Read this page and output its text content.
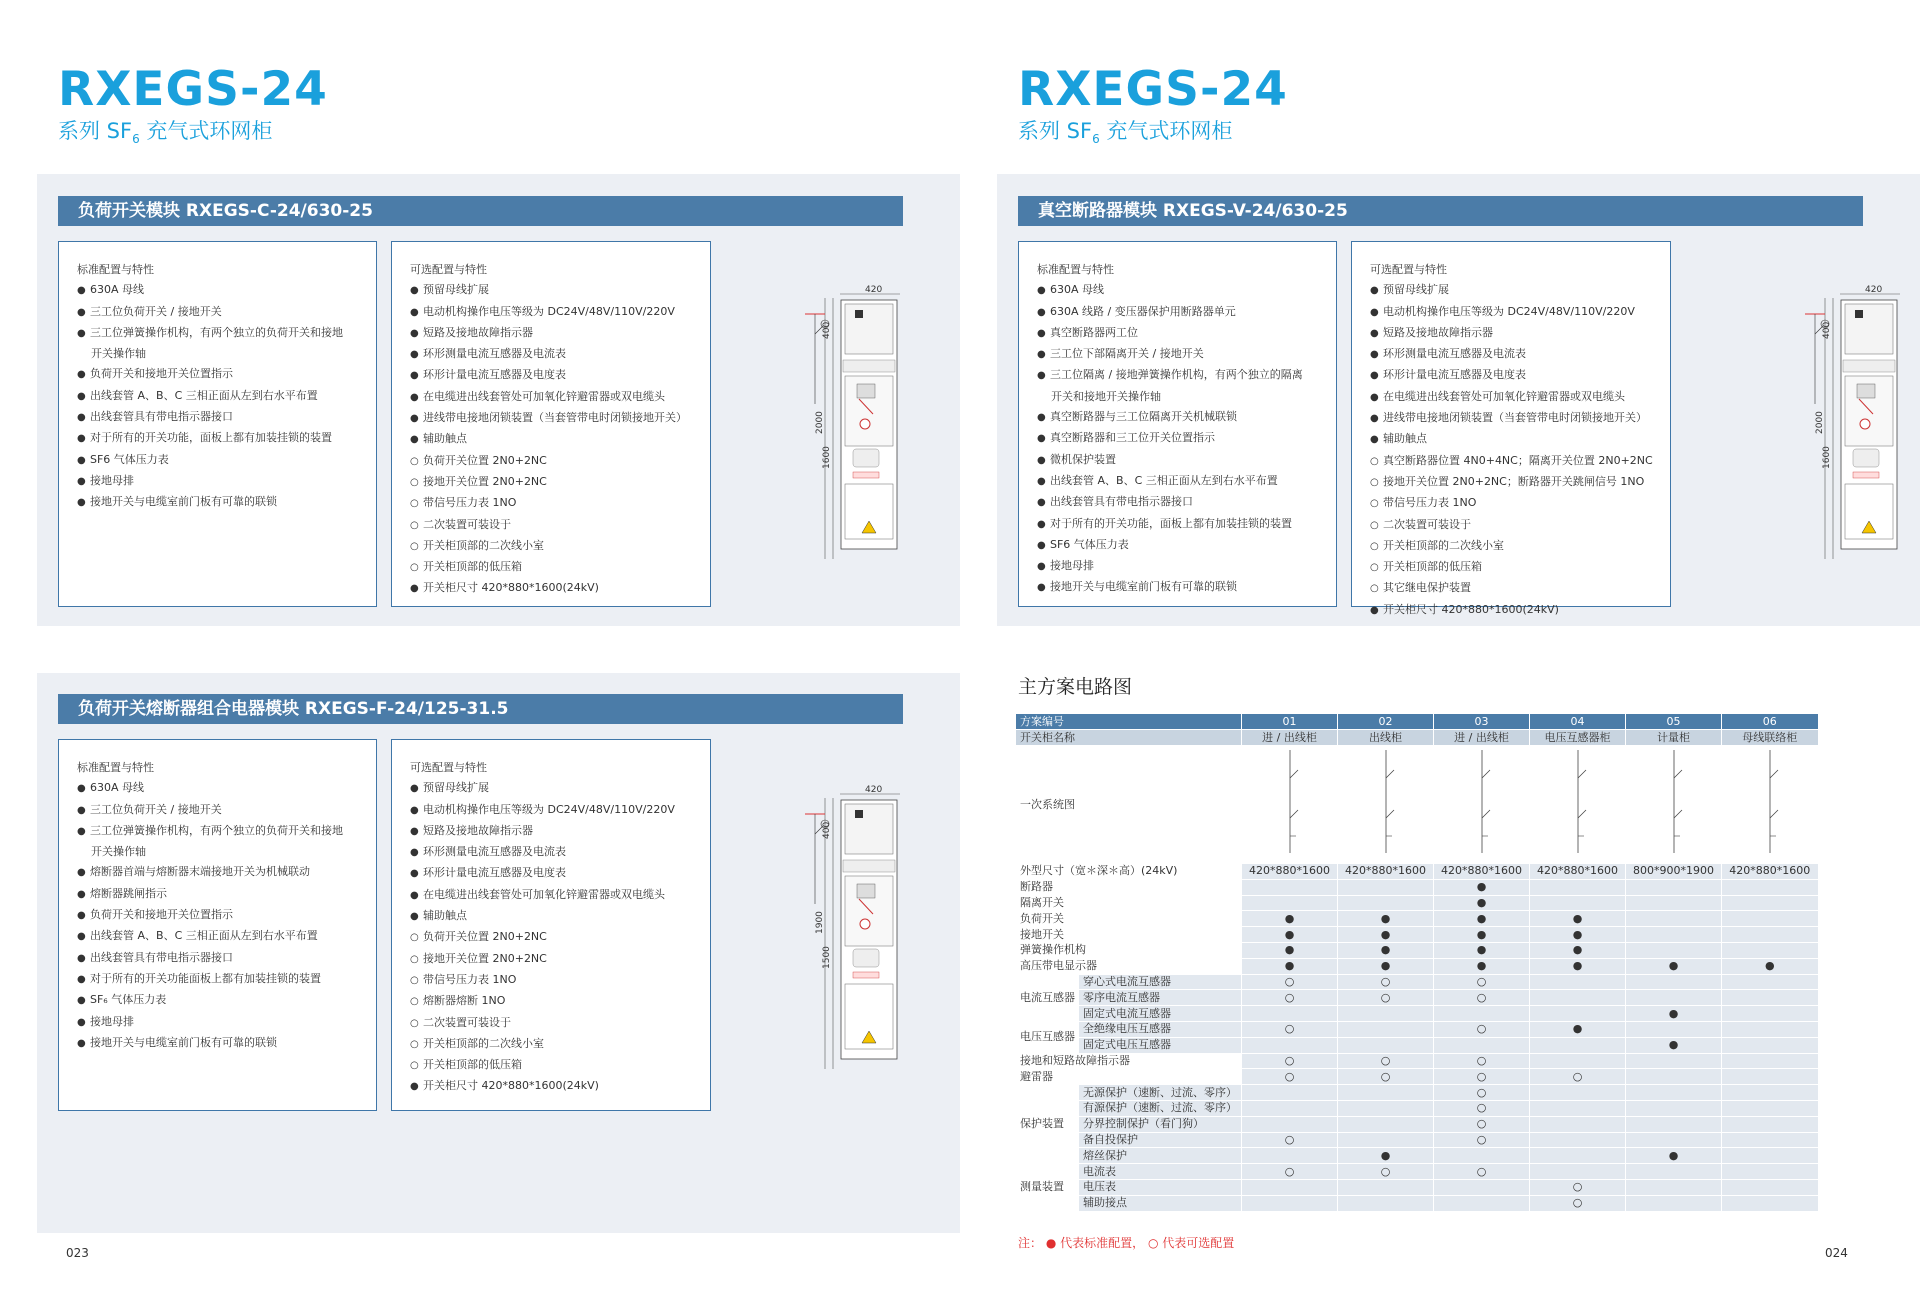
RXEGS-24
系列 $SF_6$ 充气式环网柜
负荷开关模块 RXEGS-C-24/630-25
标准配置与特性
● 630A 母线
● 三工位负荷开关 / 接地开关
● 三工位弹簧操作机构，有两个独立的负荷开关和接地
开关操作轴
● 负荷开关和接地开关位置指示
● 出线套管 A、B、C 三相正面从左到右水平布置
● 出线套管具有带电指示器接口
● 对于所有的开关功能，面板上都有加装挂锁的装置
● SF6 气体压力表
● 接地母排
● 接地开关与电缆室前门板有可靠的联锁
可选配置与特性
● 预留母线扩展
● 电动机构操作电压等级为 DC24V/48V/110V/220V
● 短路及接地故障指示器
● 环形测量电流互感器及电流表
● 环形计量电流互感器及电度表
● 在电缆进出线套管处可加氧化锌避雷器或双电缆头
● 进线带电接地闭锁装置（当套管带电时闭锁接地开关）
● 辅助触点
○ 负荷开关位置 2N0+2NC
○ 接地开关位置 2N0+2NC
○ 带信号压力表 1NO
○ 二次装置可装设于
○ 开关柜顶部的二次线小室
○ 开关柜顶部的低压箱
● 开关柜尺寸 420*880*1600(24kV)
420
400
2000
1600
负荷开关熔断器组合电器模块 RXEGS-F-24/125-31.5
标准配置与特性
● 630A 母线
● 三工位负荷开关 / 接地开关
● 三工位弹簧操作机构，有两个独立的负荷开关和接地
开关操作轴
● 熔断器首端与熔断器末端接地开关为机械联动
● 熔断器跳闸指示
● 负荷开关和接地开关位置指示
● 出线套管 A、B、C 三相正面从左到右水平布置
● 出线套管具有带电指示器接口
● 对于所有的开关功能面板上都有加装挂锁的装置
● SF₆ 气体压力表
● 接地母排
● 接地开关与电缆室前门板有可靠的联锁
可选配置与特性
● 预留母线扩展
● 电动机构操作电压等级为 DC24V/48V/110V/220V
● 短路及接地故障指示器
● 环形测量电流互感器及电流表
● 环形计量电流互感器及电度表
● 在电缆进出线套管处可加氧化锌避雷器或双电缆头
● 辅助触点
○ 负荷开关位置 2N0+2NC
○ 接地开关位置 2N0+2NC
○ 带信号压力表 1NO
○ 熔断器熔断 1NO
○ 二次装置可装设于
○ 开关柜顶部的二次线小室
○ 开关柜顶部的低压箱
● 开关柜尺寸 420*880*1600(24kV)
420
400
1900
1500
023
RXEGS-24
系列 $SF_6$ 充气式环网柜
真空断路器模块 RXEGS-V-24/630-25
标准配置与特性
● 630A 母线
● 630A 线路 / 变压器保护用断路器单元
● 真空断路器两工位
● 三工位下部隔离开关 / 接地开关
● 三工位隔离 / 接地弹簧操作机构，有两个独立的隔离
开关和接地开关操作轴
● 真空断路器与三工位隔离开关机械联锁
● 真空断路器和三工位开关位置指示
● 微机保护装置
● 出线套管 A、B、C 三相正面从左到右水平布置
● 出线套管具有带电指示器接口
● 对于所有的开关功能，面板上都有加装挂锁的装置
● SF6 气体压力表
● 接地母排
● 接地开关与电缆室前门板有可靠的联锁
可选配置与特性
● 预留母线扩展
● 电动机构操作电压等级为 DC24V/48V/110V/220V
● 短路及接地故障指示器
● 环形测量电流互感器及电流表
● 环形计量电流互感器及电度表
● 在电缆进出线套管处可加氧化锌避雷器或双电缆头
● 进线带电接地闭锁装置（当套管带电时闭锁接地开关）
● 辅助触点
○ 真空断路器位置 4N0+4NC；隔离开关位置 2N0+2NC
○ 接地开关位置 2N0+2NC；断路器开关跳闸信号 1NO
○ 带信号压力表 1NO
○ 二次装置可装设于
○ 开关柜顶部的二次线小室
○ 开关柜顶部的低压箱
○ 其它继电保护装置
● 开关柜尺寸 420*880*1600(24kV)
420
400
2000
1600
024
主方案电路图
方案编号		01	02	03	04	05	06
开关柜名称		进 / 出线柜	出线柜	进 / 出线柜	电压互感器柜	计量柜	母线联络柜
一次系统图						
外型尺寸（宽＊深＊高）(24kV)		420*880*1600	420*880*1600	420*880*1600	420*880*1600	800*900*1900	420*880*1600
断路器				●			
隔离开关				●			
负荷开关		●	●	●	●		
接地开关		●	●	●	●		
弹簧操作机构		●	●	●	●		
高压带电显示器		●	●	●	●	●	●
电流互感器	穿心式电流互感器	○	○	○			
	零序电流互感器	○	○	○			
	固定式电流互感器					●	
电压互感器	全绝缘电压互感器	○		○	●		
	固定式电压互感器					●	
接地和短路故障指示器		○	○	○			
避雷器		○	○	○	○		
保护装置	无源保护（速断、过流、零序）			○			
	有源保护（速断、过流、零序）			○			
	分界控制保护（看门狗）			○			
	备自投保护	○		○			
	熔丝保护		●			●	
测量装置	电流表	○	○	○			
	电压表				○		
	辅助接点				○		
注： ● 代表标准配置， ○ 代表可选配置
